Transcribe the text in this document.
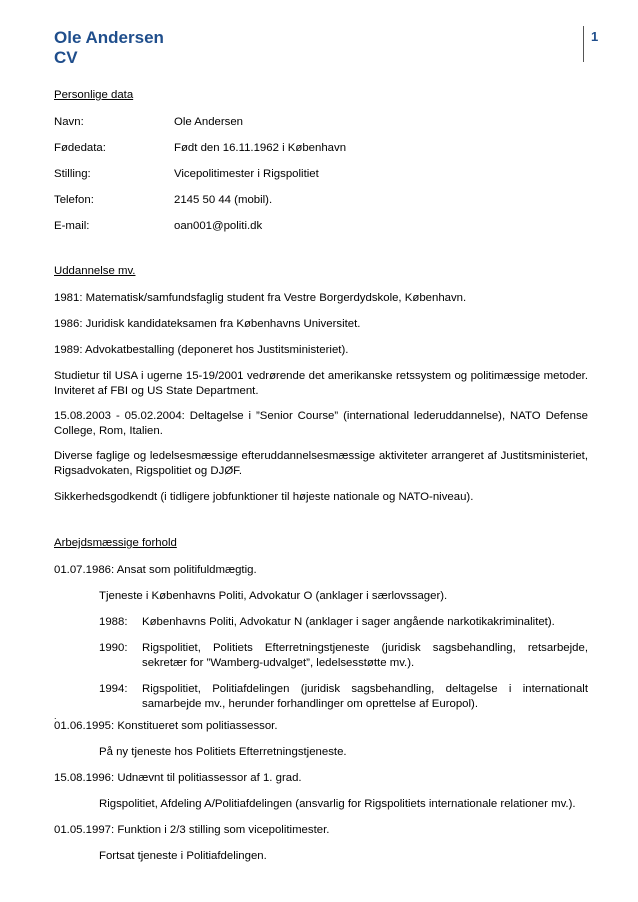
Ole Andersen
CV
1

Personlige data

Navn:	Ole Andersen
Fødedata:	Født den 16.11.1962 i København
Stilling:	Vicepolitimester i Rigspolitiet
Telefon:	2145 50 44 (mobil).
E-mail:	oan001@politi.dk

Uddannelse mv.

1981: Matematisk/samfundsfaglig student fra Vestre Borgerdydskole, København.

1986: Juridisk kandidateksamen fra Københavns Universitet.

1989: Advokatbestalling (deponeret hos Justitsministeriet).

Studietur til USA i ugerne 15-19/2001 vedrørende det amerikanske retssystem og politimæssige metoder. Inviteret af FBI og US State Department.

15.08.2003 - 05.02.2004: Deltagelse i ”Senior Course” (international lederuddannelse), NATO Defense College, Rom, Italien.

Diverse faglige og ledelsesmæssige efteruddannelsesmæssige aktiviteter arrangeret af Justitsministeriet, Rigsadvokaten, Rigspolitiet og DJØF.

Sikkerhedsgodkendt (i tidligere jobfunktioner til højeste nationale og NATO-niveau).

Arbejdsmæssige forhold

01.07.1986: Ansat som politifuldmægtig.

Tjeneste i Københavns Politi, Advokatur O (anklager i særlovssager).

1988:	Københavns Politi, Advokatur N (anklager i sager angående narkotikakriminalitet).
1990:	Rigspolitiet, Politiets Efterretningstjeneste (juridisk sagsbehandling, retsarbejde, sekretær for ”Wamberg-udvalget”, ledelsesstøtte mv.).
1994:	Rigspolitiet, Politiafdelingen (juridisk sagsbehandling, deltagelse i internationalt samarbejde mv., herunder forhandlinger om oprettelse af Europol).
.

01.06.1995: Konstitueret som politiassessor.

På ny tjeneste hos Politiets Efterretningstjeneste.

15.08.1996: Udnævnt til politiassessor af 1. grad.

Rigspolitiet, Afdeling A/Politiafdelingen (ansvarlig for Rigspolitiets internationale relationer mv.).

01.05.1997: Funktion i 2/3 stilling som vicepolitimester.

Fortsat tjeneste i Politiafdelingen.
